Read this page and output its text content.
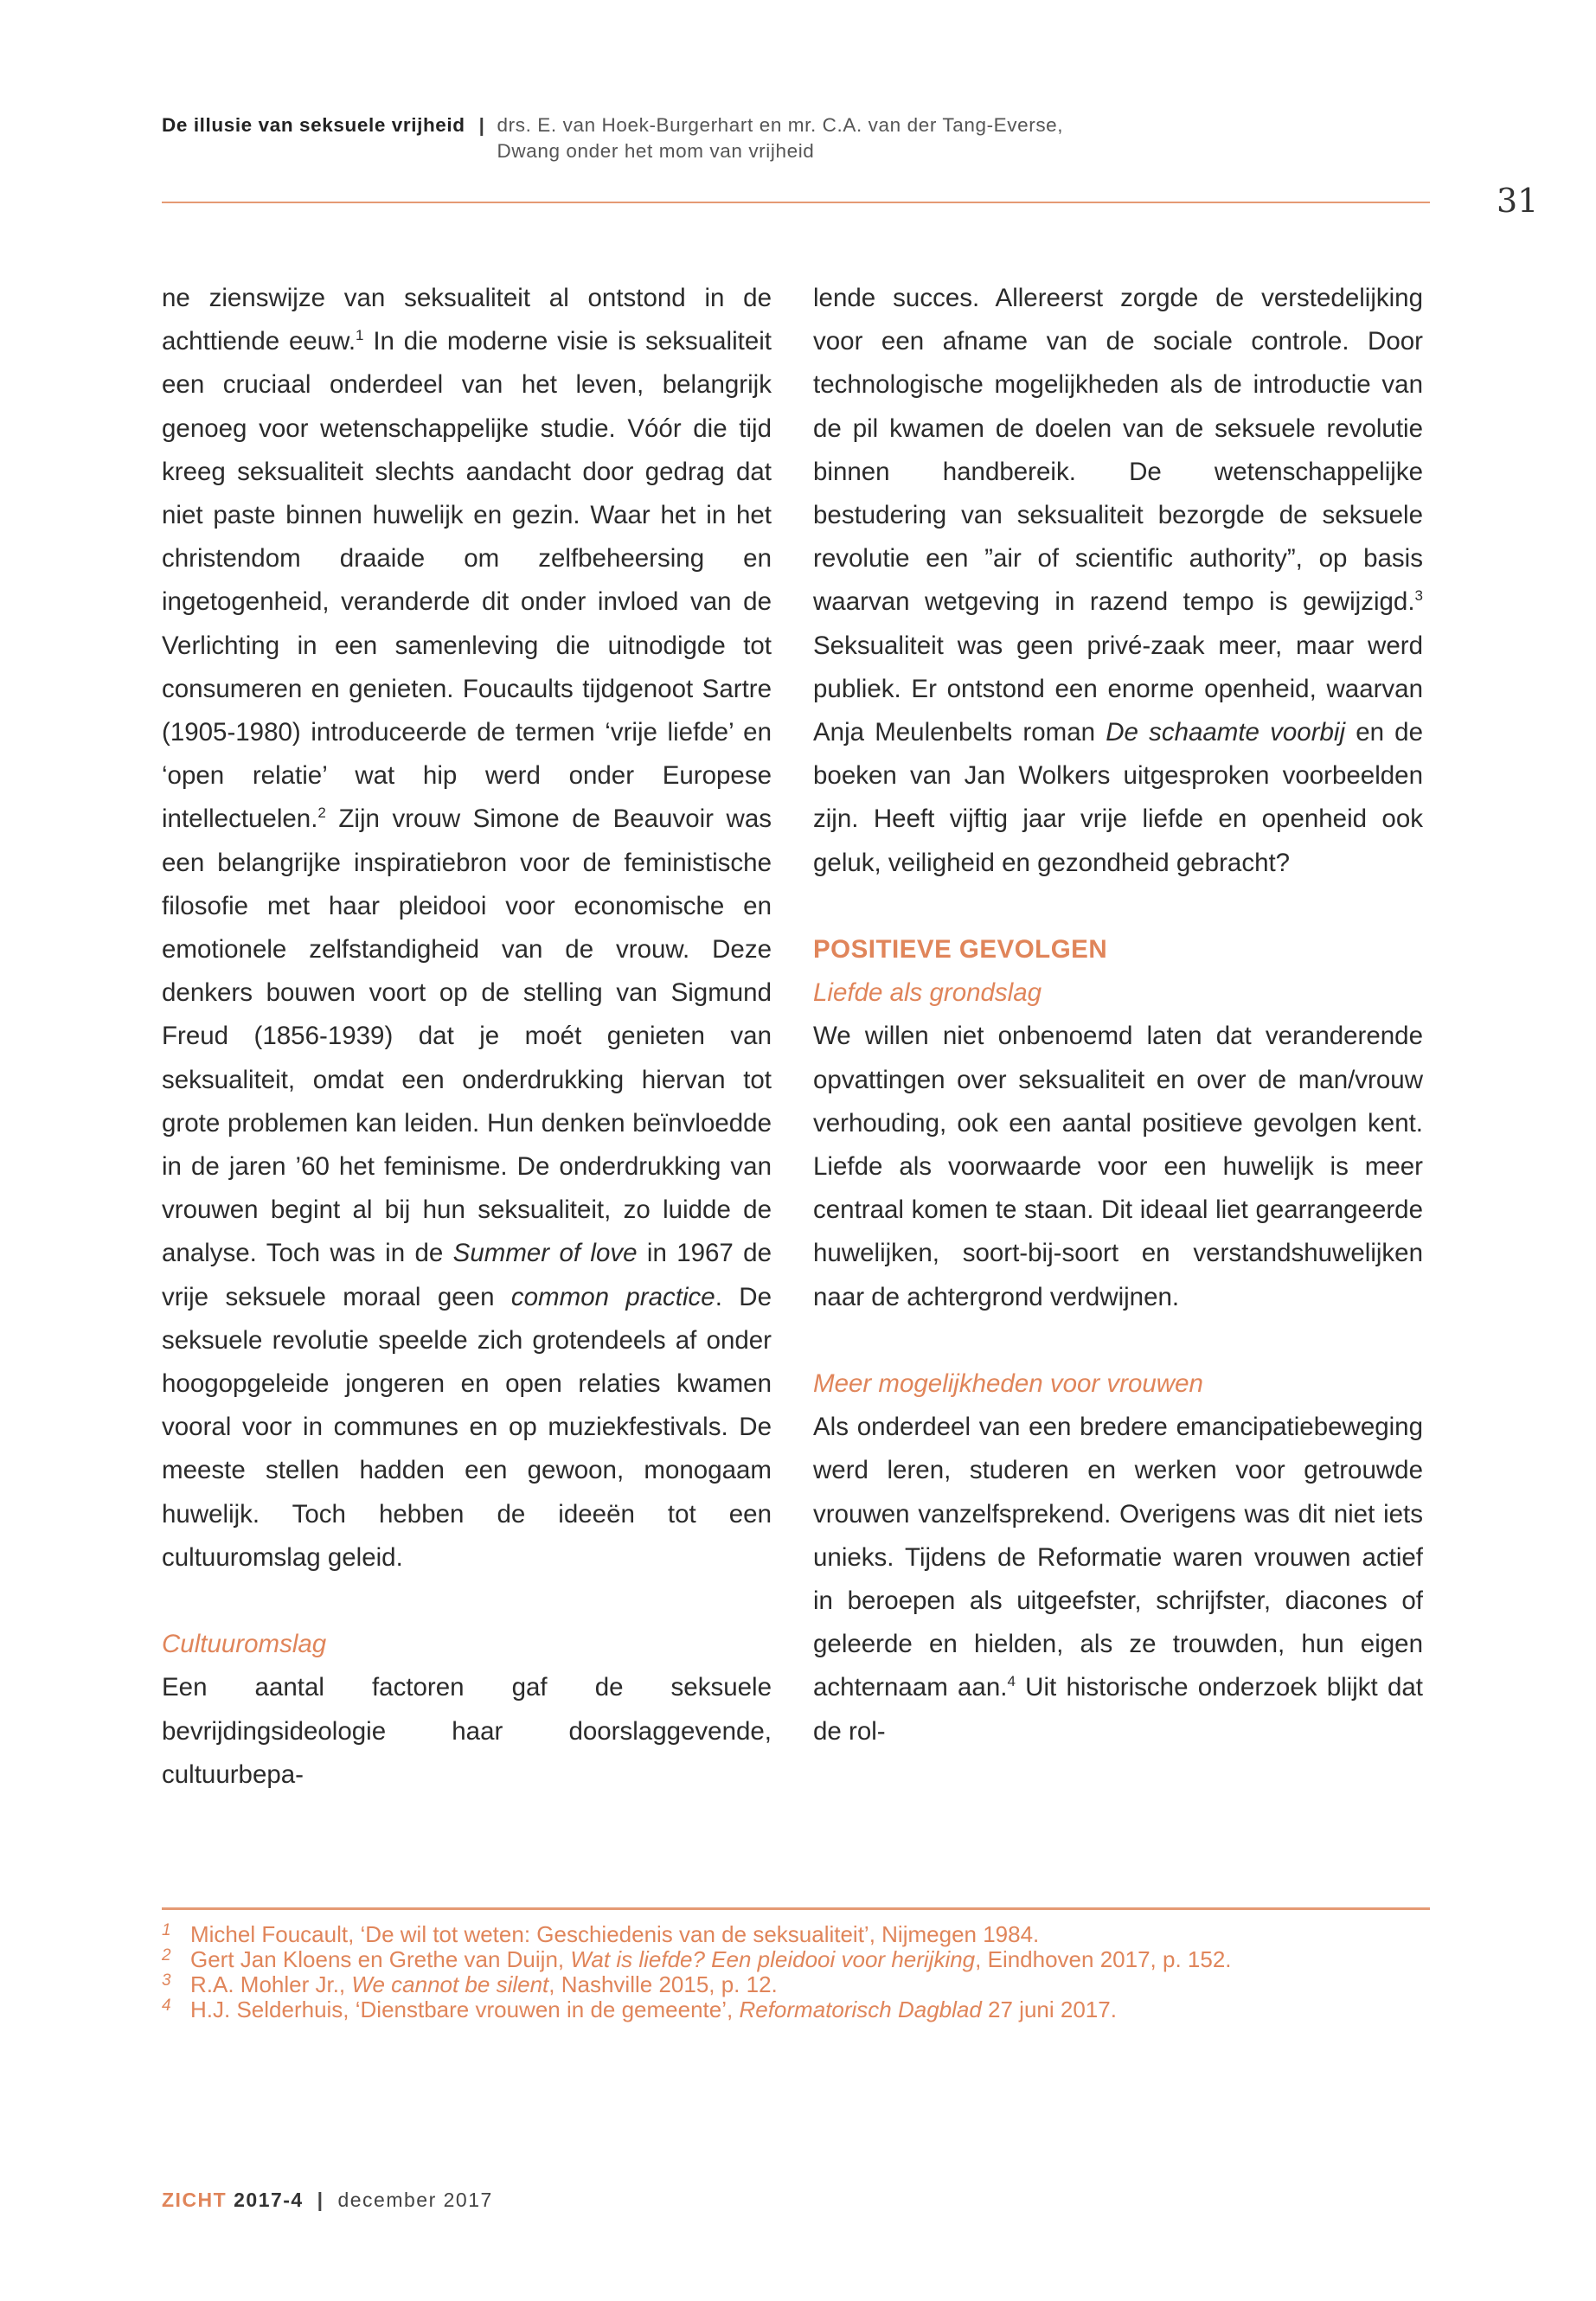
De illusie van seksuele vrijheid | drs. E. van Hoek-Burgerhart en mr. C.A. van der Tang-Everse,
Dwang onder het mom van vrijheid
31

ne zienswijze van seksualiteit al ontstond in de achttiende eeuw.$^1$ In die moderne visie is seksualiteit een cruciaal onderdeel van het leven, belangrijk genoeg voor wetenschappelijke studie. Vóór die tijd kreeg seksualiteit slechts aandacht door gedrag dat niet paste binnen huwelijk en gezin. Waar het in het christendom draaide om zelfbeheersing en ingetogenheid, veranderde dit onder invloed van de Verlichting in een samenleving die uitnodigde tot consumeren en genieten. Foucaults tijdgenoot Sartre (1905-1980) introduceerde de termen ‘vrije liefde’ en ‘open relatie’ wat hip werd onder Europese intellectuelen.$^2$ Zijn vrouw Simone de Beauvoir was een belangrijke inspiratiebron voor de feministische filosofie met haar pleidooi voor economische en emotionele zelfstandigheid van de vrouw. Deze denkers bouwen voort op de stelling van Sigmund Freud (1856-1939) dat je moét genieten van seksualiteit, omdat een onderdrukking hiervan tot grote problemen kan leiden. Hun denken beïnvloedde in de jaren ’60 het feminisme. De onderdrukking van vrouwen begint al bij hun seksualiteit, zo luidde de analyse. Toch was in de Summer of love in 1967 de vrije seksuele moraal geen common practice. De seksuele revolutie speelde zich grotendeels af onder hoogopgeleide jongeren en open relaties kwamen vooral voor in communes en op muziekfestivals. De meeste stellen hadden een gewoon, monogaam huwelijk. Toch hebben de ideeën tot een cultuuromslag geleid.

Cultuuromslag

Een aantal factoren gaf de seksuele bevrijdingsideologie haar doorslaggevende, cultuurbepa-

lende succes. Allereerst zorgde de verstedelijking voor een afname van de sociale controle. Door technologische mogelijkheden als de introductie van de pil kwamen de doelen van de seksuele revolutie binnen handbereik. De wetenschappelijke bestudering van seksualiteit bezorgde de seksuele revolutie een ”air of scientific authority”, op basis waarvan wetgeving in razend tempo is gewijzigd.$^3$ Seksualiteit was geen privé-zaak meer, maar werd publiek. Er ontstond een enorme openheid, waarvan Anja Meulenbelts roman De schaamte voorbij en de boeken van Jan Wolkers uitgesproken voorbeelden zijn. Heeft vijftig jaar vrije liefde en openheid ook geluk, veiligheid en gezondheid gebracht?

POSITIEVE GEVOLGEN

Liefde als grondslag

We willen niet onbenoemd laten dat veranderende opvattingen over seksualiteit en over de man/vrouw verhouding, ook een aantal positieve gevolgen kent. Liefde als voorwaarde voor een huwelijk is meer centraal komen te staan. Dit ideaal liet gearrangeerde huwelijken, soort-bij-soort en verstandshuwelijken naar de achtergrond verdwijnen.

Meer mogelijkheden voor vrouwen

Als onderdeel van een bredere emancipatiebeweging werd leren, studeren en werken voor getrouwde vrouwen vanzelfsprekend. Overigens was dit niet iets unieks. Tijdens de Reformatie waren vrouwen actief in beroepen als uitgeefster, schrijfster, diacones of geleerde en hielden, als ze trouwden, hun eigen achternaam aan.$^4$ Uit historische onderzoek blijkt dat de rol-

1 Michel Foucault, ‘De wil tot weten: Geschiedenis van de seksualiteit’, Nijmegen 1984.
2 Gert Jan Kloens en Grethe van Duijn, Wat is liefde? Een pleidooi voor herijking, Eindhoven 2017, p. 152.
3 R.A. Mohler Jr., We cannot be silent, Nashville 2015, p. 12.
4 H.J. Selderhuis, ‘Dienstbare vrouwen in de gemeente’, Reformatorisch Dagblad 27 juni 2017.
ZICHT 2017-4 | december 2017
